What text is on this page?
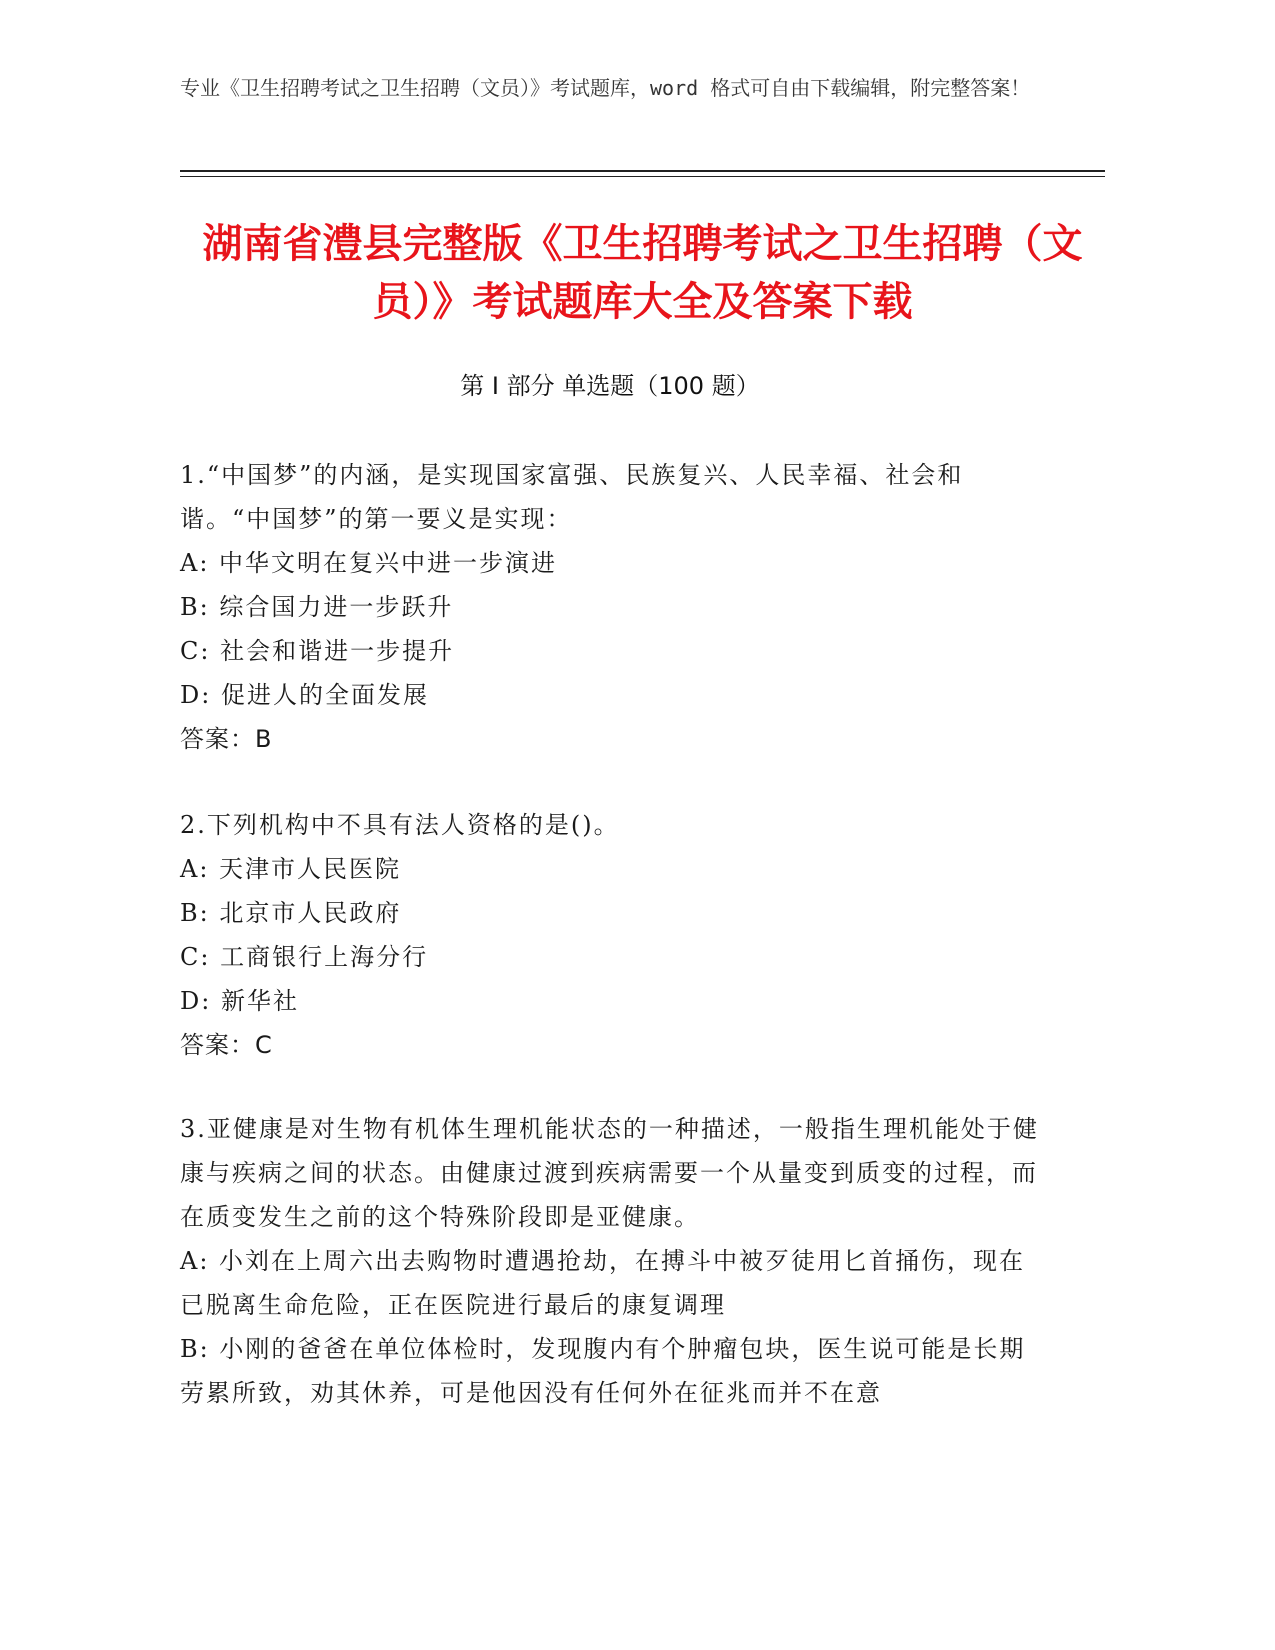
专业《卫生招聘考试之卫生招聘（文员）》考试题库，word 格式可自由下载编辑，附完整答案！
湖南省澧县完整版《卫生招聘考试之卫生招聘（文员）》考试题库大全及答案下载
第 I 部分 单选题（100 题）

1.“中国梦”的内涵，是实现国家富强、民族复兴、人民幸福、社会和谐。“中国梦”的第一要义是实现：

A: 中华文明在复兴中进一步演进

B: 综合国力进一步跃升

C: 社会和谐进一步提升

D: 促进人的全面发展

答案：B

2.下列机构中不具有法人资格的是()。

A: 天津市人民医院

B: 北京市人民政府

C: 工商银行上海分行

D: 新华社

答案：C

3.亚健康是对生物有机体生理机能状态的一种描述，一般指生理机能处于健康与疾病之间的状态。由健康过渡到疾病需要一个从量变到质变的过程，而在质变发生之前的这个特殊阶段即是亚健康。

A: 小刘在上周六出去购物时遭遇抢劫，在搏斗中被歹徒用匕首捅伤，现在已脱离生命危险，正在医院进行最后的康复调理

B: 小刚的爸爸在单位体检时，发现腹内有个肿瘤包块，医生说可能是长期劳累所致，劝其休养，可是他因没有任何外在征兆而并不在意
